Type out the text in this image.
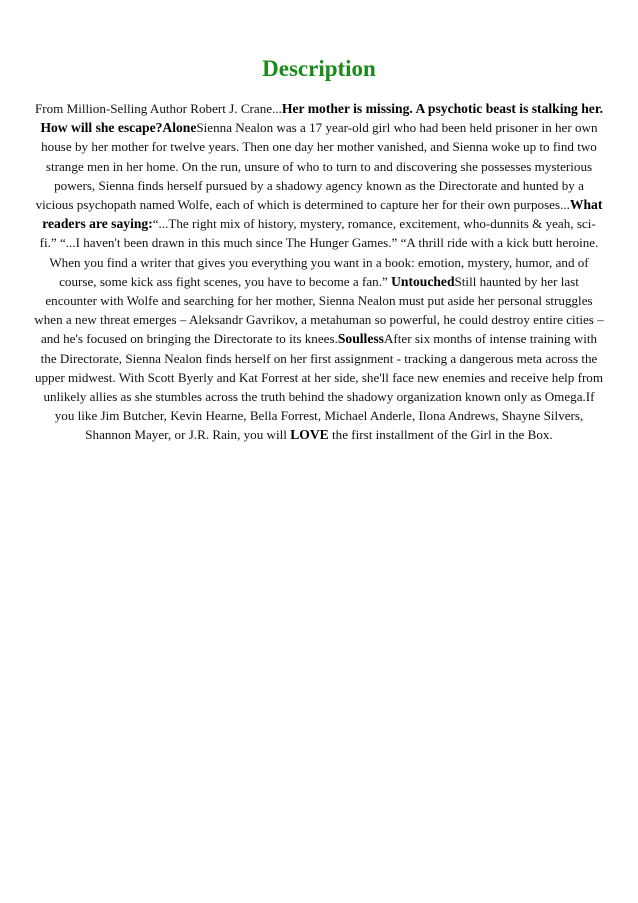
Description

From Million-Selling Author Robert J. Crane...Her mother is missing. A psychotic beast is stalking her. How will she escape?AloneSienna Nealon was a 17 year-old girl who had been held prisoner in her own house by her mother for twelve years. Then one day her mother vanished, and Sienna woke up to find two strange men in her home. On the run, unsure of who to turn to and discovering she possesses mysterious powers, Sienna finds herself pursued by a shadowy agency known as the Directorate and hunted by a vicious psychopath named Wolfe, each of which is determined to capture her for their own purposes...What readers are saying:“...The right mix of history, mystery, romance, excitement, who-dunnits & yeah, sci-fi.” “...I haven't been drawn in this much since The Hunger Games.” “A thrill ride with a kick butt heroine. When you find a writer that gives you everything you want in a book: emotion, mystery, humor, and of course, some kick ass fight scenes, you have to become a fan.” UntouchedStill haunted by her last encounter with Wolfe and searching for her mother, Sienna Nealon must put aside her personal struggles when a new threat emerges – Aleksandr Gavrikov, a metahuman so powerful, he could destroy entire cities – and he's focused on bringing the Directorate to its knees.SoullessAfter six months of intense training with the Directorate, Sienna Nealon finds herself on her first assignment - tracking a dangerous meta across the upper midwest. With Scott Byerly and Kat Forrest at her side, she'll face new enemies and receive help from unlikely allies as she stumbles across the truth behind the shadowy organization known only as Omega.If you like Jim Butcher, Kevin Hearne, Bella Forrest, Michael Anderle, Ilona Andrews, Shayne Silvers, Shannon Mayer, or J.R. Rain, you will LOVE the first installment of the Girl in the Box.
